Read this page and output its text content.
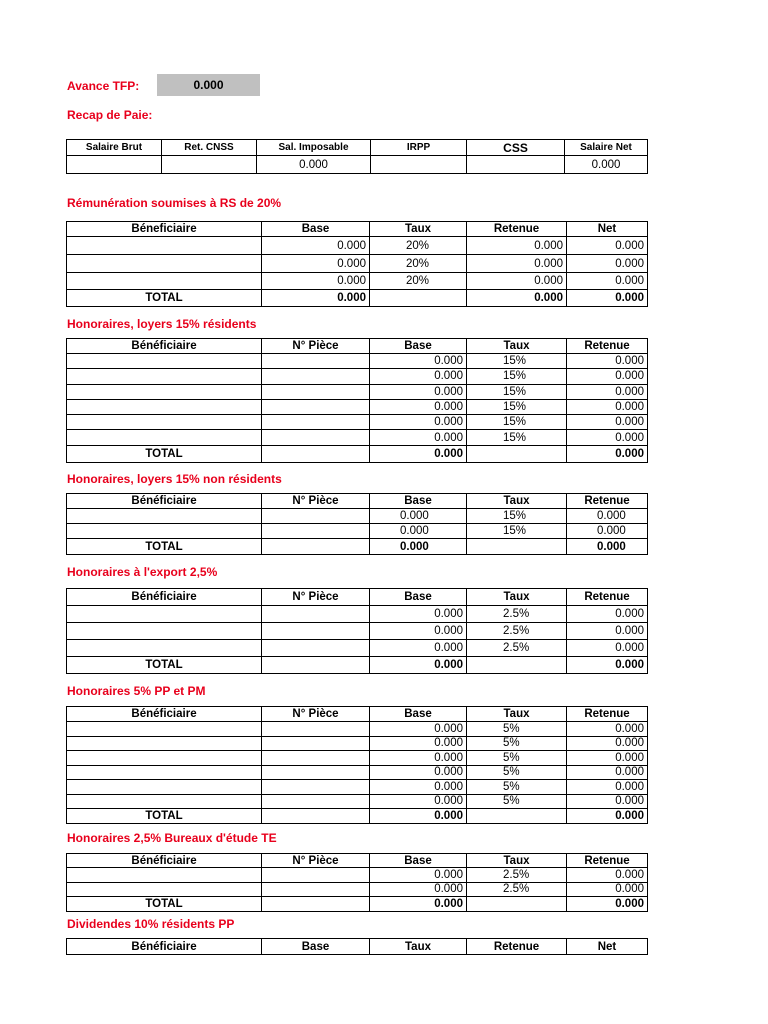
Avance TFP:	0.000
Recap de Paie:
Salaire Brut	Ret. CNSS	Sal. Imposable	IRPP	CSS	Salaire Net
		0.000			0.000
Rémunération soumises à RS de 20%
Béneficiaire	Base	Taux	Retenue	Net
	0.000	20%	0.000	0.000
	0.000	20%	0.000	0.000
	0.000	20%	0.000	0.000
TOTAL	0.000		0.000	0.000
Honoraires, loyers 15% résidents
Bénéficiaire	N° Pièce	Base	Taux	Retenue
		0.000	15%	0.000
		0.000	15%	0.000
		0.000	15%	0.000
		0.000	15%	0.000
		0.000	15%	0.000
		0.000	15%	0.000
TOTAL		0.000		0.000
Honoraires, loyers 15% non résidents
Bénéficiaire	N° Pièce	Base	Taux	Retenue
		0.000	15%	0.000
		0.000	15%	0.000
TOTAL		0.000		0.000
Honoraires à l'export 2,5%
Bénéficiaire	N° Pièce	Base	Taux	Retenue
		0.000	2.5%	0.000
		0.000	2.5%	0.000
		0.000	2.5%	0.000
TOTAL		0.000		0.000
Honoraires 5% PP et PM
Bénéficiaire	N° Pièce	Base	Taux	Retenue
		0.000	5%	0.000
		0.000	5%	0.000
		0.000	5%	0.000
		0.000	5%	0.000
		0.000	5%	0.000
		0.000	5%	0.000
TOTAL		0.000		0.000
Honoraires 2,5% Bureaux d'étude TE
Bénéficiaire	N° Pièce	Base	Taux	Retenue
		0.000	2.5%	0.000
		0.000	2.5%	0.000
TOTAL		0.000		0.000
Dividendes 10% résidents PP
Bénéficiaire	Base	Taux	Retenue	Net
